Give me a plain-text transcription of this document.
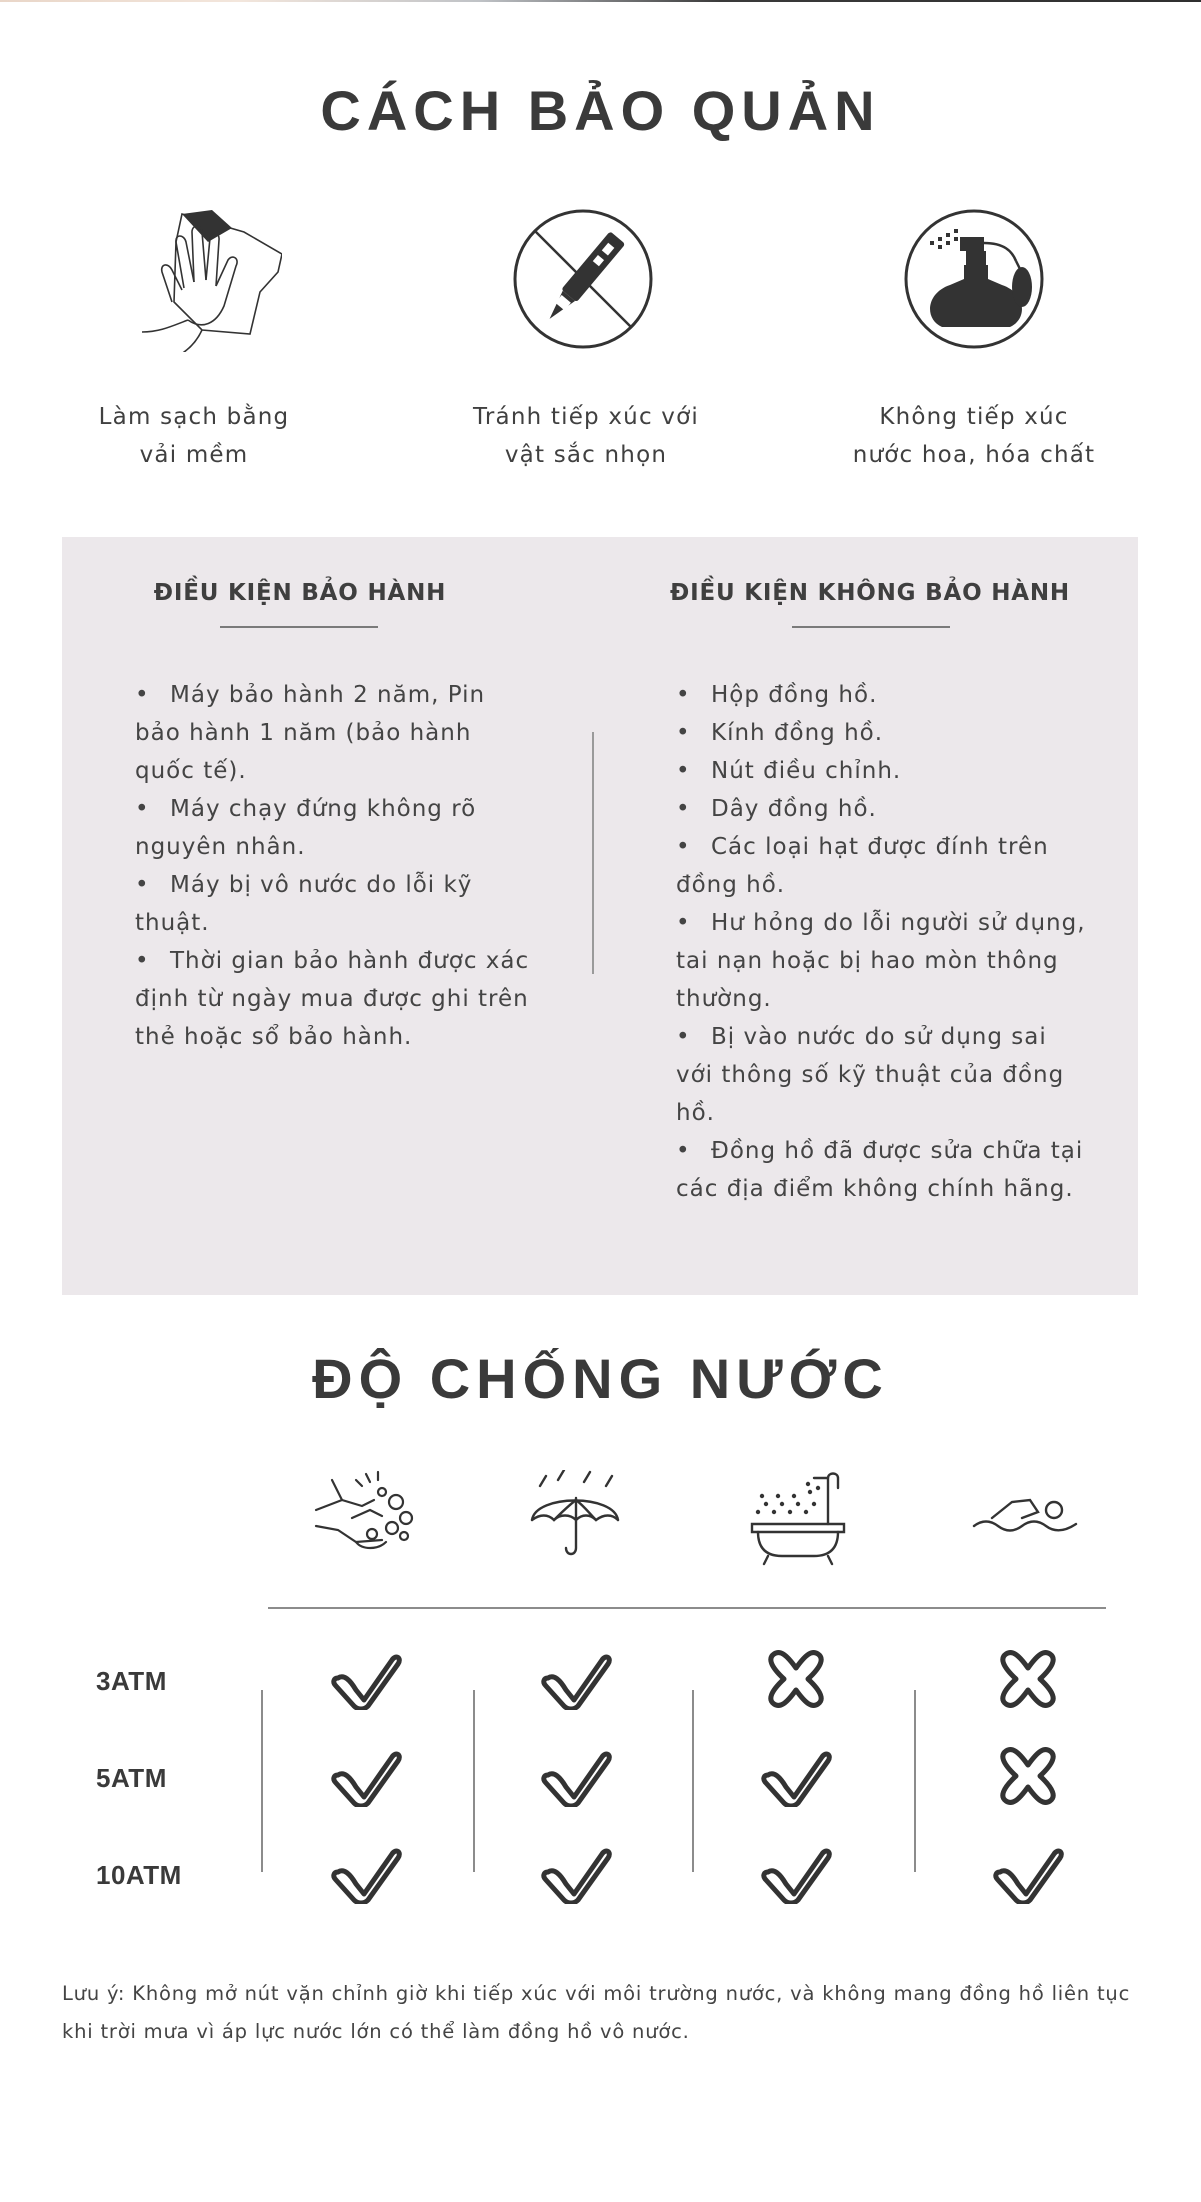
CÁCH BẢO QUẢN
Làm sạch bằng
vải mềm
Tránh tiếp xúc với
vật sắc nhọn
Không tiếp xúc
nước hoa, hóa chất
ĐIỀU KIỆN BẢO HÀNH	ĐIỀU KIỆN KHÔNG BẢO HÀNH
• Máy bảo hành 2 năm, Pin bảo hành 1 năm (bảo hành quốc tế).
• Máy chạy đứng không rõ nguyên nhân.
• Máy bị vô nước do lỗi kỹ thuật.
• Thời gian bảo hành được xác định từ ngày mua được ghi trên thẻ hoặc sổ bảo hành.
• Hộp đồng hồ.
• Kính đồng hồ.
• Nút điều chỉnh.
• Dây đồng hồ.
• Các loại hạt được đính trên đồng hồ.
• Hư hỏng do lỗi người sử dụng, tai nạn hoặc bị hao mòn thông thường.
• Bị vào nước do sử dụng sai với thông số kỹ thuật của đồng hồ.
• Đồng hồ đã được sửa chữa tại các địa điểm không chính hãng.
ĐỘ CHỐNG NƯỚC
3ATM
5ATM
10ATM
Lưu ý: Không mở nút vặn chỉnh giờ khi tiếp xúc với môi trường nước, và không mang đồng hồ liên tục
khi trời mưa vì áp lực nước lớn có thể làm đồng hồ vô nước.
